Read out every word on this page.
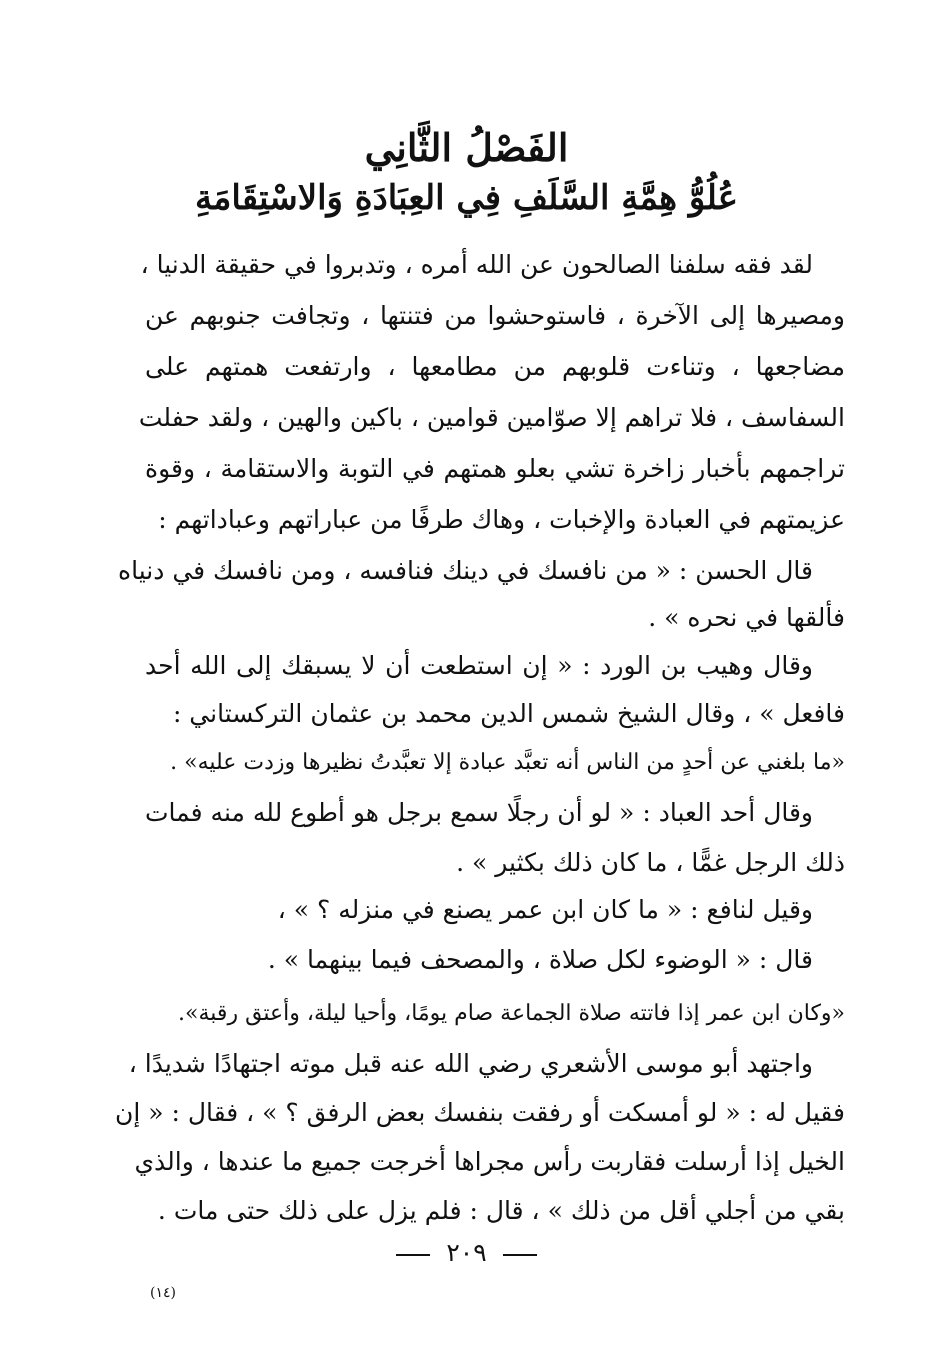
الفَصْلُ الثَّانِي
عُلُوُّ هِمَّةِ السَّلَفِ فِي العِبَادَةِ وَالاسْتِقَامَةِ
لقد فقه سلفنا الصالحون عن الله أمره ، وتدبروا في حقيقة الدنيا ،
ومصيرها إلى الآخرة ، فاستوحشوا من فتنتها ، وتجافت جنوبهم عن
مضاجعها ، وتناءت قلوبهم من مطامعها ، وارتفعت همتهم على
السفاسف ، فلا تراهم إلا صوّامين قوامين ، باكين والهين ، ولقد حفلت
تراجمهم بأخبار زاخرة تشي بعلو همتهم في التوبة والاستقامة ، وقوة
عزيمتهم في العبادة والإخبات ، وهاك طرفًا من عباراتهم وعباداتهم :
قال الحسن : « من نافسك في دينك فنافسه ، ومن نافسك في دنياه
فألقها في نحره » .
وقال وهيب بن الورد : « إن استطعت أن لا يسبقك إلى الله أحد
فافعل » ، وقال الشيخ شمس الدين محمد بن عثمان التركستاني :
«ما بلغني عن أحدٍ من الناس أنه تعبَّد عبادة إلا تعبَّدتُ نظيرها وزدت عليه» .
وقال أحد العباد : « لو أن رجلًا سمع برجل هو أطوع لله منه فمات
ذلك الرجل غمًّا ، ما كان ذلك بكثير » .
وقيل لنافع : « ما كان ابن عمر يصنع في منزله ؟ » ،
قال : « الوضوء لكل صلاة ، والمصحف فيما بينهما » .
«وكان ابن عمر إذا فاتته صلاة الجماعة صام يومًا، وأحيا ليلة، وأعتق رقبة».
واجتهد أبو موسى الأشعري رضي الله عنه قبل موته اجتهادًا شديدًا ،
فقيل له : « لو أمسكت أو رفقت بنفسك بعض الرفق ؟ » ، فقال : « إن
الخيل إذا أرسلت فقاربت رأس مجراها أخرجت جميع ما عندها ، والذي
بقي من أجلي أقل من ذلك » ، قال : فلم يزل على ذلك حتى مات .
٢٠٩
(١٤)
